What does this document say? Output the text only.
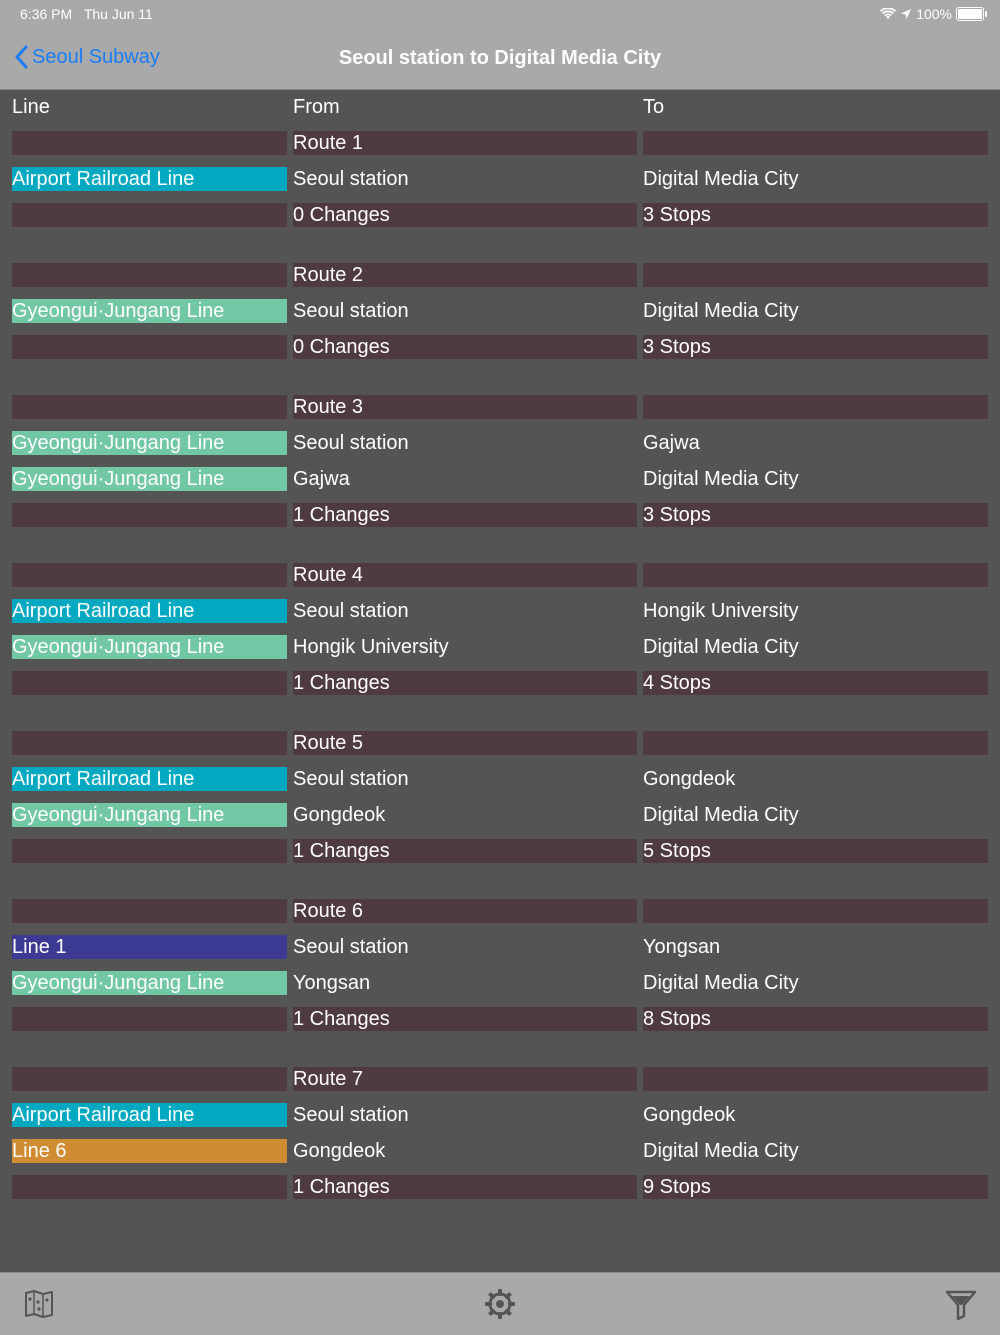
6:36 PM Thu Jun 11	100%
Seoul Subway	Seoul station to Digital Media City
Line	From	To
Route 1
Airport Railroad Line	Seoul station	Digital Media City
0 Changes	3 Stops
Route 2
Gyeongui·Jungang Line	Seoul station	Digital Media City
0 Changes	3 Stops
Route 3
Gyeongui·Jungang Line	Seoul station	Gajwa
Gyeongui·Jungang Line	Gajwa	Digital Media City
1 Changes	3 Stops
Route 4
Airport Railroad Line	Seoul station	Hongik University
Gyeongui·Jungang Line	Hongik University	Digital Media City
1 Changes	4 Stops
Route 5
Airport Railroad Line	Seoul station	Gongdeok
Gyeongui·Jungang Line	Gongdeok	Digital Media City
1 Changes	5 Stops
Route 6
Line 1	Seoul station	Yongsan
Gyeongui·Jungang Line	Yongsan	Digital Media City
1 Changes	8 Stops
Route 7
Airport Railroad Line	Seoul station	Gongdeok
Line 6	Gongdeok	Digital Media City
1 Changes	9 Stops
